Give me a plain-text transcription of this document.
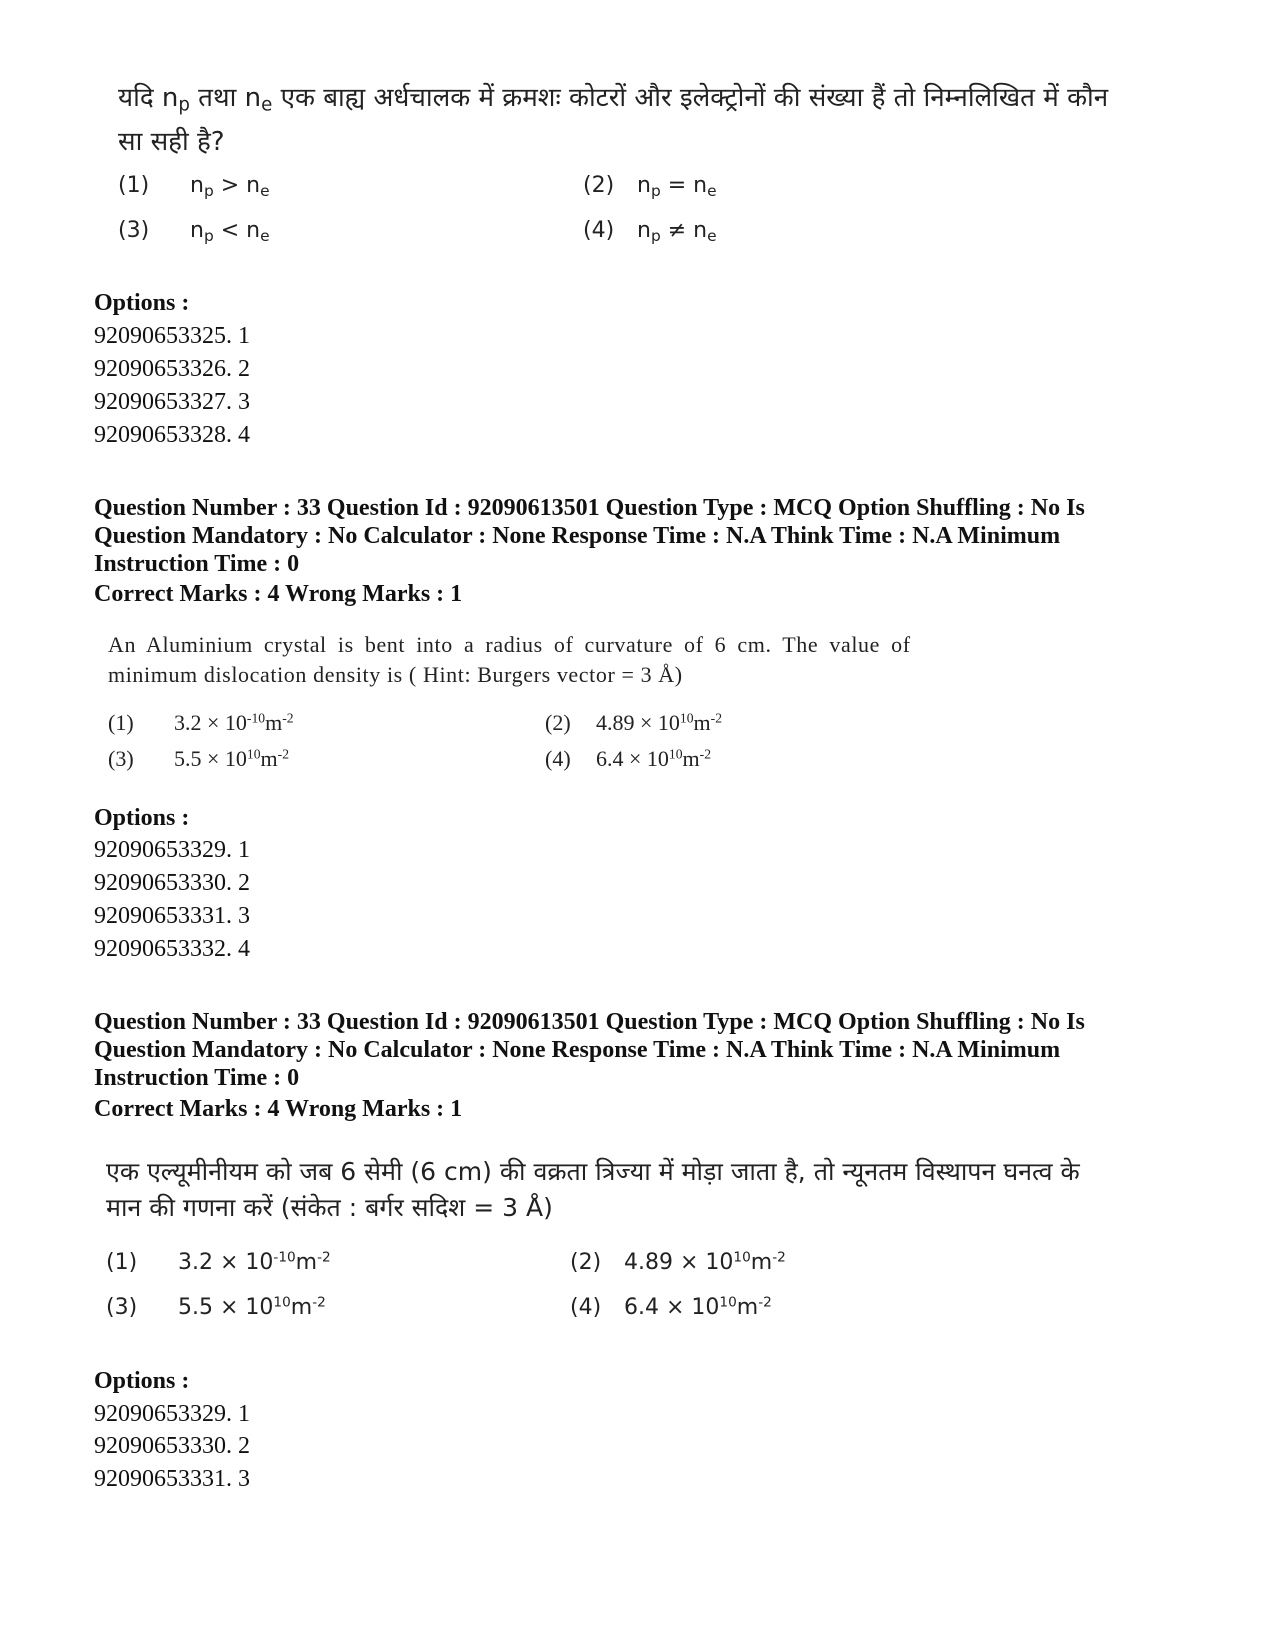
यदि $n_p$ तथा $n_e$ एक बाह्य अर्धचालक में क्रमशः कोटरों और इलेक्ट्रोनों की संख्या हैं तो निम्नलिखित में कौन
सा सही है?
(1) $n_p > n_e$	(2) $n_p = n_e$
(3) $n_p < n_e$	(4) $n_p \ne n_e$
Options :
92090653325. 1
92090653326. 2
92090653327. 3
92090653328. 4
Question Number : 33 Question Id : 92090613501 Question Type : MCQ Option Shuffling : No Is
Question Mandatory : No Calculator : None Response Time : N.A Think Time : N.A Minimum
Instruction Time : 0
Correct Marks : 4 Wrong Marks : 1
An Aluminium crystal is bent into a radius of curvature of 6 cm. The value of
minimum dislocation density is ( Hint: Burgers vector = 3 Å)
(1) $3.2 \times 10^{-10}m^{-2}$	(2) $4.89 \times 10^{10}m^{-2}$
(3) $5.5 \times 10^{10}m^{-2}$	(4) $6.4 \times 10^{10}m^{-2}$
Options :
92090653329. 1
92090653330. 2
92090653331. 3
92090653332. 4
Question Number : 33 Question Id : 92090613501 Question Type : MCQ Option Shuffling : No Is
Question Mandatory : No Calculator : None Response Time : N.A Think Time : N.A Minimum
Instruction Time : 0
Correct Marks : 4 Wrong Marks : 1
एक एल्यूमीनीयम को जब 6 सेमी (6 cm) की वक्रता त्रिज्या में मोड़ा जाता है, तो न्यूनतम विस्थापन घनत्व के
मान की गणना करें (संकेत : बर्गर सदिश = 3 Å)
(1) $3.2 \times 10^{-10}m^{-2}$	(2) $4.89 \times 10^{10}m^{-2}$
(3) $5.5 \times 10^{10}m^{-2}$	(4) $6.4 \times 10^{10}m^{-2}$
Options :
92090653329. 1
92090653330. 2
92090653331. 3
